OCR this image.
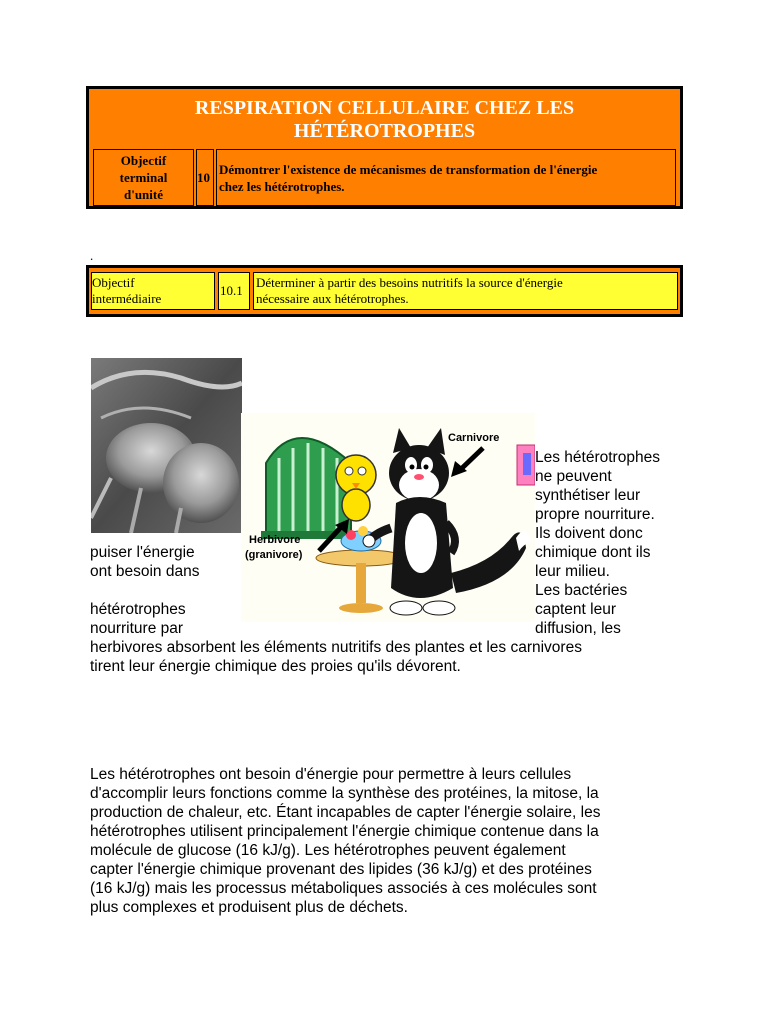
RESPIRATION CELLULAIRE CHEZ LES
HÉTÉROTROPHES
Objectif
terminal
d'unité
10
Démontrer l'existence de mécanismes de transformation de l'énergie
chez les hétérotrophes.
.
Objectif
intermédiaire
10.1
Déterminer à partir des besoins nutritifs la source d'énergie
nécessaire aux hétérotrophes.
Carnivore
Herbivore
(granivore)
Les hétérotrophes
ne peuvent
synthétiser leur
propre nourriture.
Ils doivent donc
chimique dont ils
leur milieu.
Les bactéries
captent leur
diffusion, les
puiser l'énergie
ont besoin dans
hétérotrophes
nourriture par
herbivores absorbent les éléments nutritifs des plantes et les carnivores
tirent leur énergie chimique des proies qu'ils dévorent.
Les hétérotrophes ont besoin d'énergie pour permettre à leurs cellules
d'accomplir leurs fonctions comme la synthèse des protéines, la mitose, la
production de chaleur, etc. Étant incapables de capter l'énergie solaire, les
hétérotrophes utilisent principalement l'énergie chimique contenue dans la
molécule de glucose (16 kJ/g). Les hétérotrophes peuvent également
capter l'énergie chimique provenant des lipides (36 kJ/g) et des protéines
(16 kJ/g) mais les processus métaboliques associés à ces molécules sont
plus complexes et produisent plus de déchets.
